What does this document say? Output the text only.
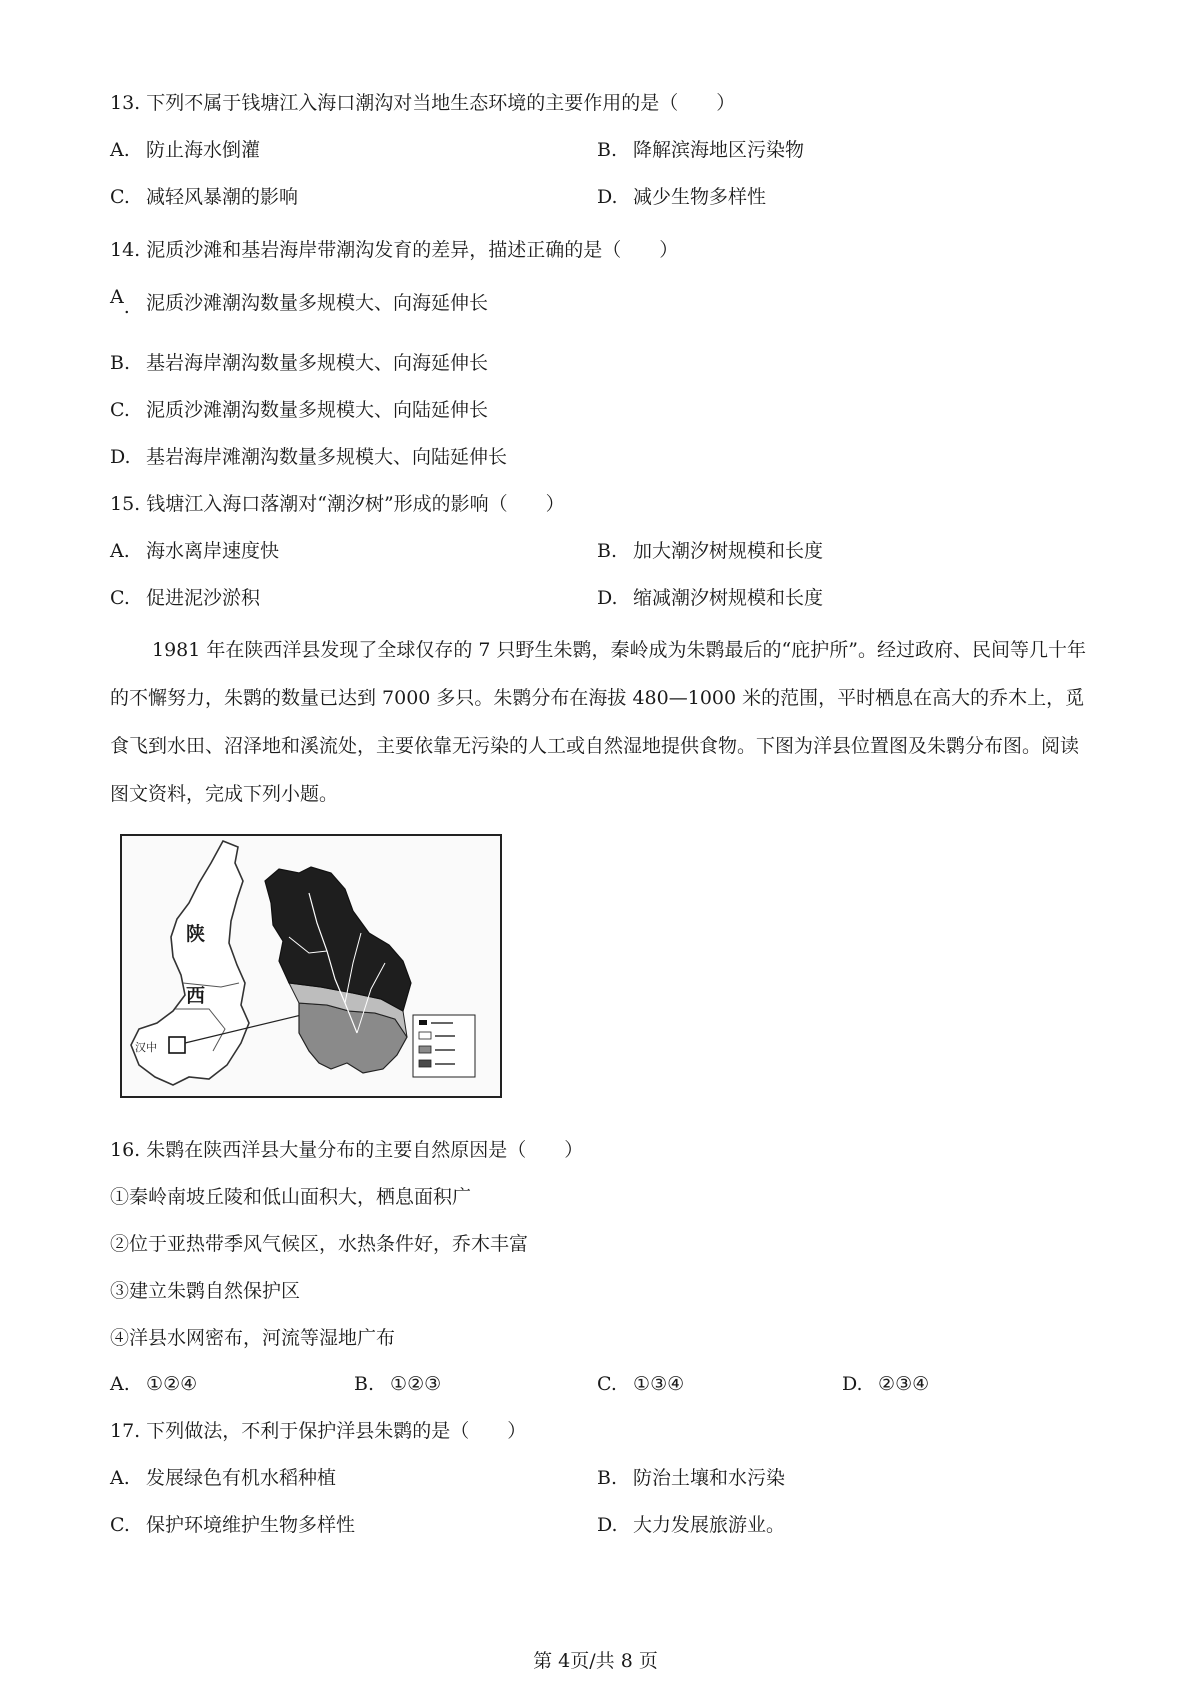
13. 下列不属于钱塘江入海口潮沟对当地生态环境的主要作用的是（　　）
A. 防止海水倒灌	B. 降解滨海地区污染物
C. 减轻风暴潮的影响	D. 减少生物多样性
14. 泥质沙滩和基岩海岸带潮沟发育的差异，描述正确的是（　　）
A. 泥质沙滩潮沟数量多规模大、向海延伸长
B. 基岩海岸潮沟数量多规模大、向海延伸长
C. 泥质沙滩潮沟数量多规模大、向陆延伸长
D. 基岩海岸滩潮沟数量多规模大、向陆延伸长
15. 钱塘江入海口落潮对“潮汐树”形成的影响（　　）
A. 海水离岸速度快	B. 加大潮汐树规模和长度
C. 促进泥沙淤积	D. 缩减潮汐树规模和长度
1981 年在陕西洋县发现了全球仅存的 7 只野生朱鹮，秦岭成为朱鹮最后的“庇护所”。经过政府、民间等几十年的不懈努力，朱鹮的数量已达到 7000 多只。朱鹮分布在海拔 480—1000 米的范围，平时栖息在高大的乔木上，觅食飞到水田、沼泽地和溪流处，主要依靠无污染的人工或自然湿地提供食物。下图为洋县位置图及朱鹮分布图。阅读图文资料，完成下列小题。
陕
西
汉中
16. 朱鹮在陕西洋县大量分布的主要自然原因是（　　）
①秦岭南坡丘陵和低山面积大，栖息面积广
②位于亚热带季风气候区，水热条件好，乔木丰富
③建立朱鹮自然保护区
④洋县水网密布，河流等湿地广布
A. ①②④	B. ①②③	C. ①③④	D. ②③④
17. 下列做法，不利于保护洋县朱鹮的是（　　）
A. 发展绿色有机水稻种植	B. 防治土壤和水污染
C. 保护环境维护生物多样性	D. 大力发展旅游业。
第 4页/共 8 页
